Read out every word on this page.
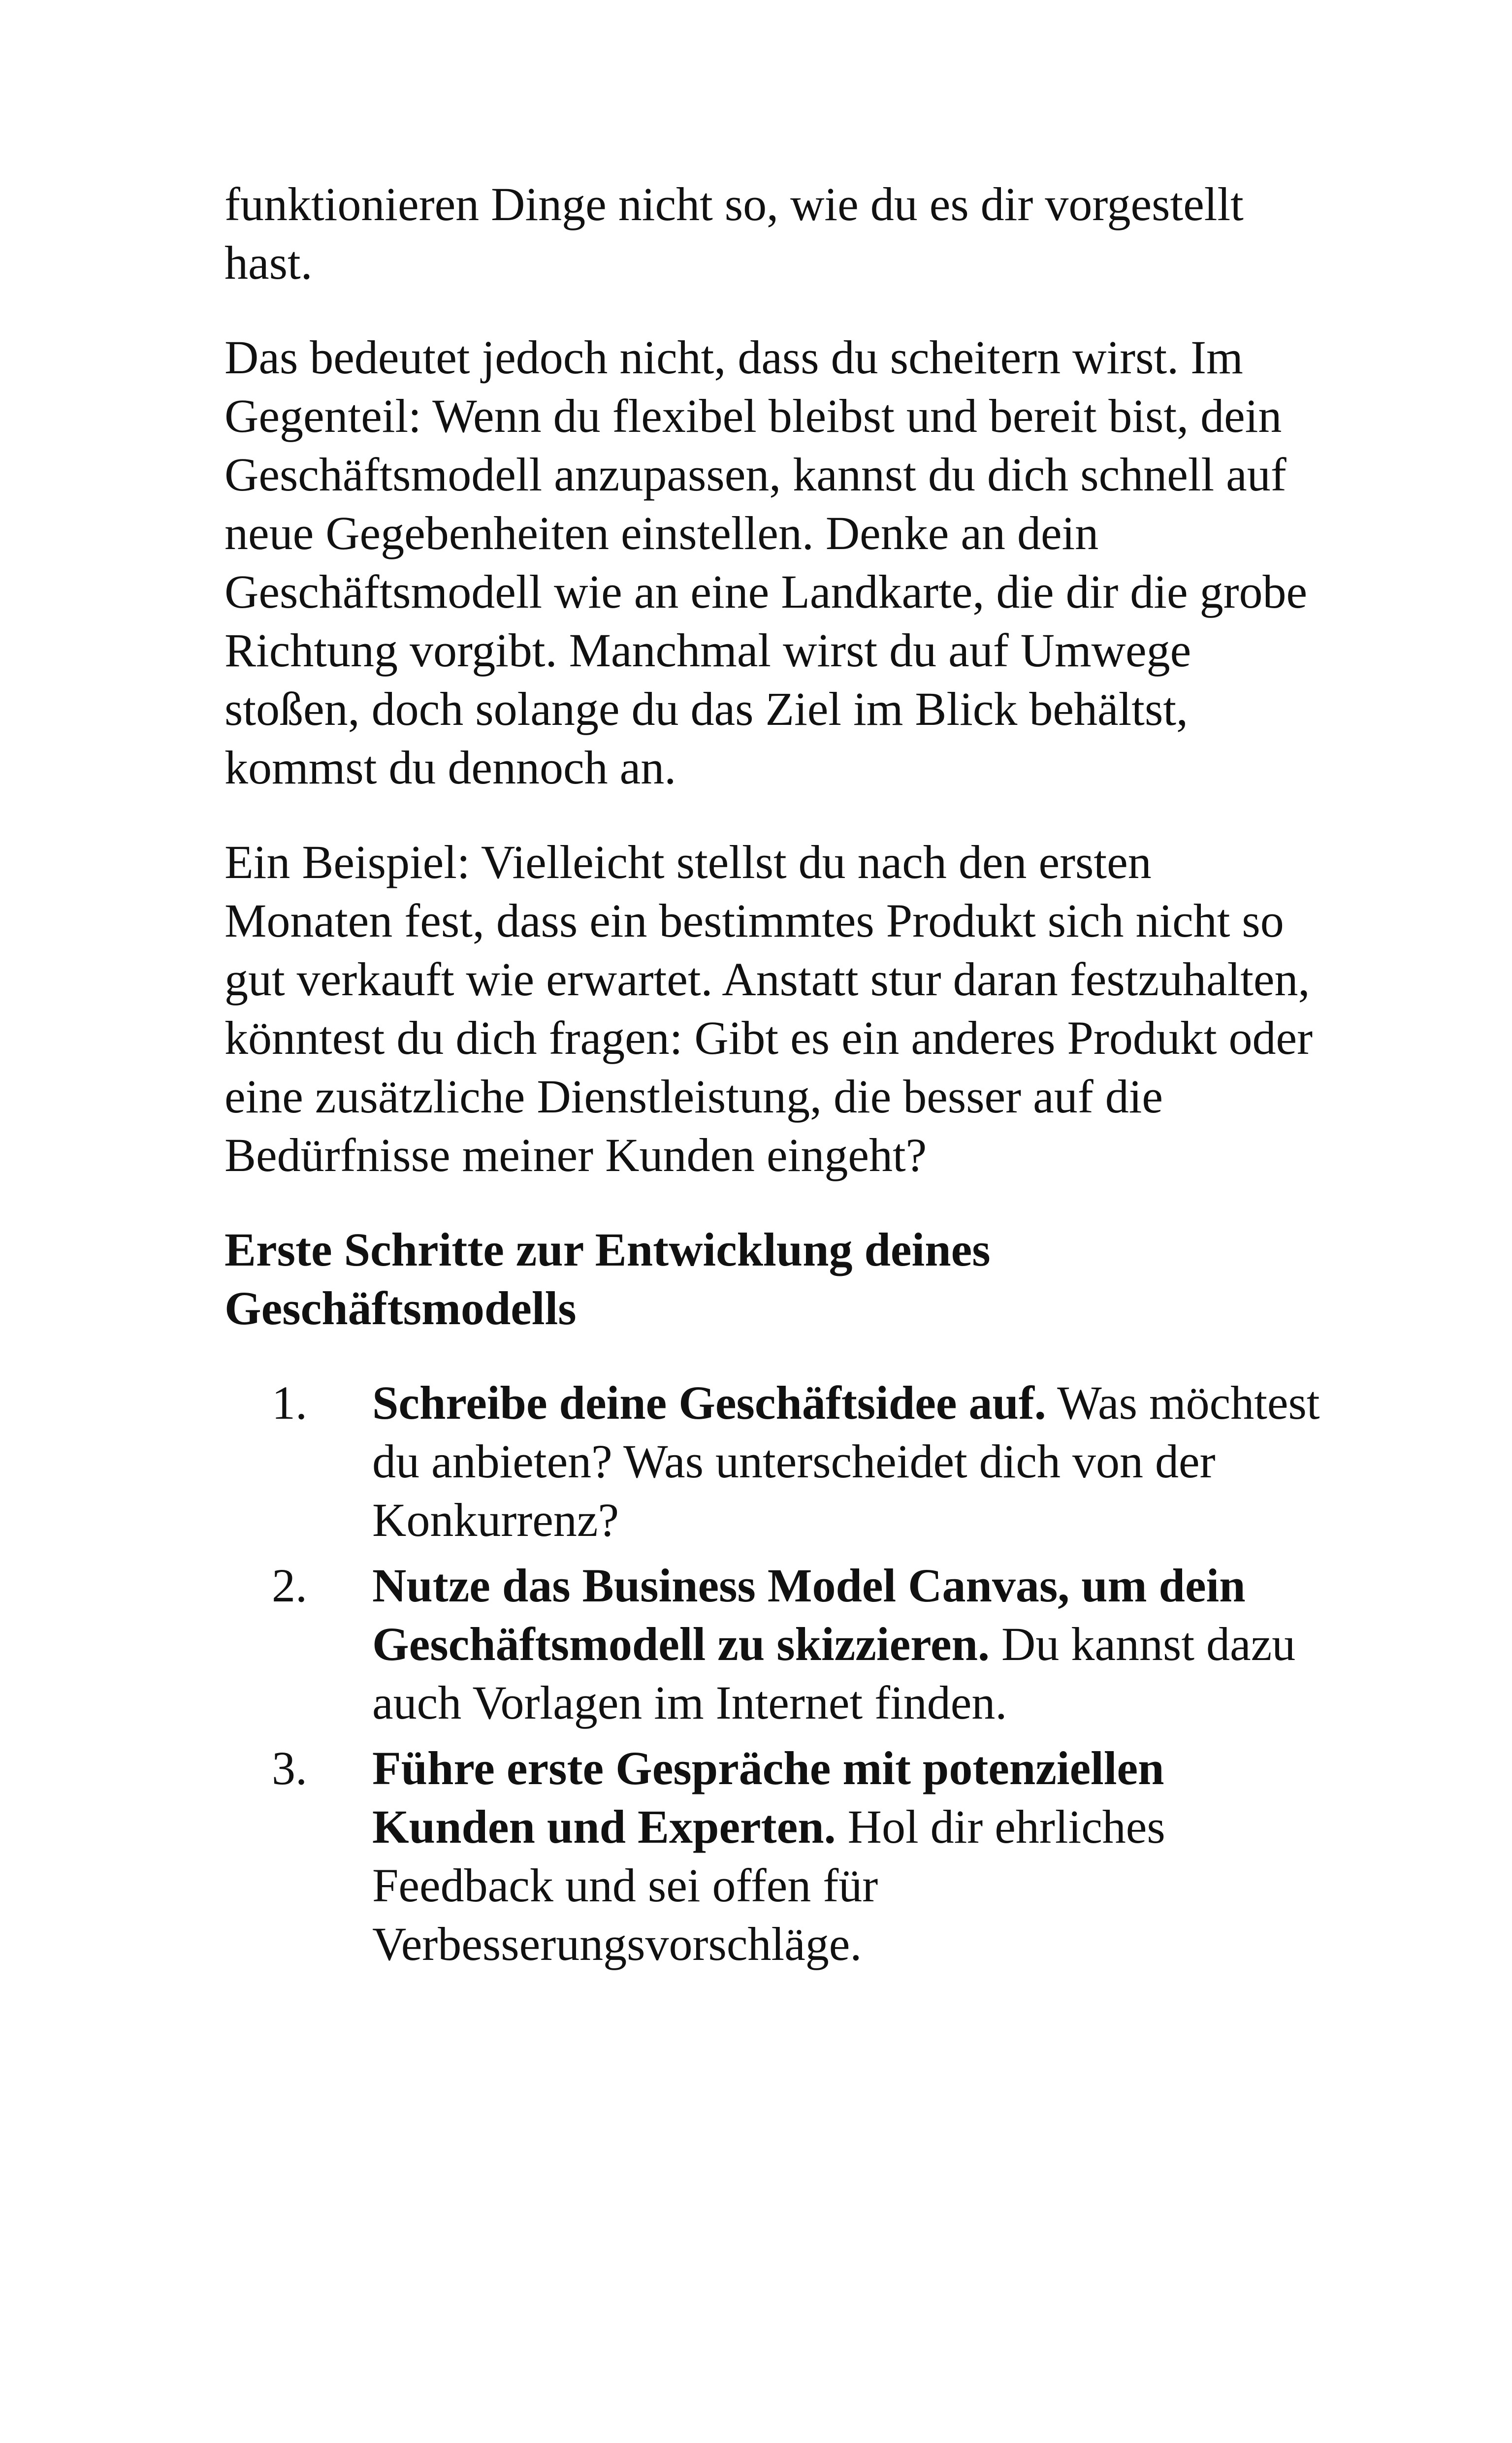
funktionieren Dinge nicht so, wie du es dir vorgestellt hast.

Das bedeutet jedoch nicht, dass du scheitern wirst. Im Gegenteil: Wenn du flexibel bleibst und bereit bist, dein Geschäftsmodell anzupassen, kannst du dich schnell auf neue Gegebenheiten einstellen. Denke an dein Geschäftsmodell wie an eine Landkarte, die dir die grobe Richtung vorgibt. Manchmal wirst du auf Umwege stoßen, doch solange du das Ziel im Blick behältst, kommst du dennoch an.

Ein Beispiel: Vielleicht stellst du nach den ersten Monaten fest, dass ein bestimmtes Produkt sich nicht so gut verkauft wie erwartet. Anstatt stur daran festzuhalten, könntest du dich fragen: Gibt es ein anderes Produkt oder eine zusätzliche Dienstleistung, die besser auf die Bedürfnisse meiner Kunden eingeht?

Erste Schritte zur Entwicklung deines Geschäftsmodells
1.	Schreibe deine Geschäftsidee auf. Was möchtest du anbieten? Was unterscheidet dich von der Konkurrenz?
2.	Nutze das Business Model Canvas, um dein Geschäftsmodell zu skizzieren. Du kannst dazu auch Vorlagen im Internet finden.
3.	Führe erste Gespräche mit potenziellen Kunden und Experten. Hol dir ehrliches Feedback und sei offen für Verbesserungsvorschläge.
